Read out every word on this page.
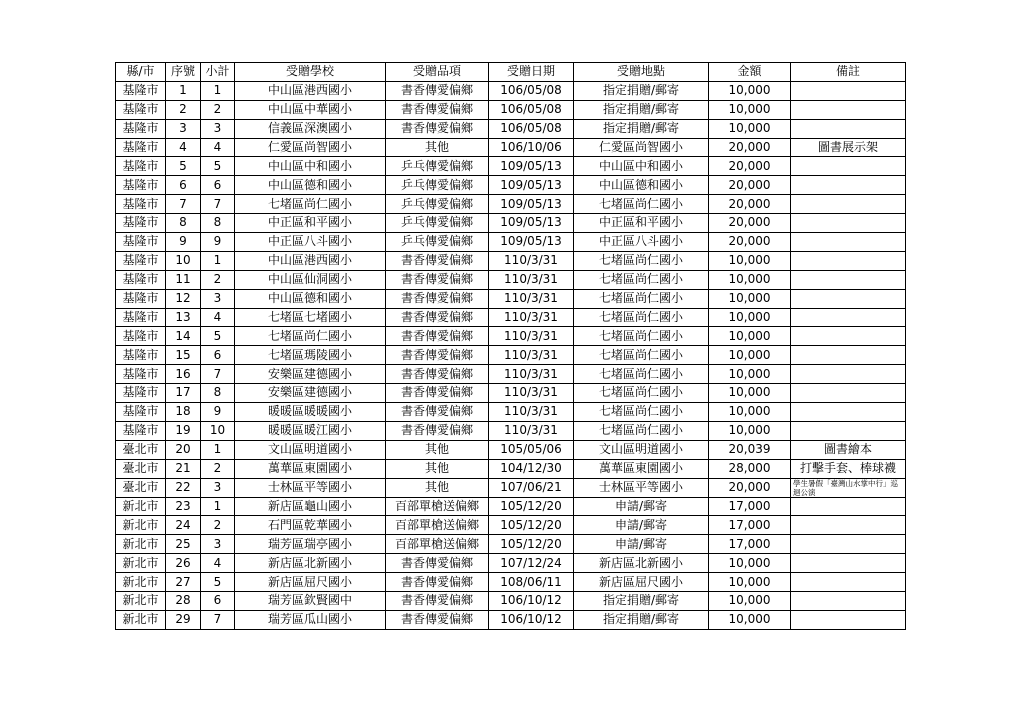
縣/市	序號	小計	受贈學校	受贈品項	受贈日期	受贈地點	金額	備註
基隆市	1	1	中山區港西國小	書香傳愛偏鄉	106/05/08	指定捐贈/郵寄	10,000	
基隆市	2	2	中山區中華國小	書香傳愛偏鄉	106/05/08	指定捐贈/郵寄	10,000	
基隆市	3	3	信義區深澳國小	書香傳愛偏鄉	106/05/08	指定捐贈/郵寄	10,000	
基隆市	4	4	仁愛區尚智國小	其他	106/10/06	仁愛區尚智國小	20,000	圖書展示架
基隆市	5	5	中山區中和國小	乒乓傳愛偏鄉	109/05/13	中山區中和國小	20,000	
基隆市	6	6	中山區德和國小	乒乓傳愛偏鄉	109/05/13	中山區德和國小	20,000	
基隆市	7	7	七堵區尚仁國小	乒乓傳愛偏鄉	109/05/13	七堵區尚仁國小	20,000	
基隆市	8	8	中正區和平國小	乒乓傳愛偏鄉	109/05/13	中正區和平國小	20,000	
基隆市	9	9	中正區八斗國小	乒乓傳愛偏鄉	109/05/13	中正區八斗國小	20,000	
基隆市	10	1	中山區港西國小	書香傳愛偏鄉	110/3/31	七堵區尚仁國小	10,000	
基隆市	11	2	中山區仙洞國小	書香傳愛偏鄉	110/3/31	七堵區尚仁國小	10,000	
基隆市	12	3	中山區德和國小	書香傳愛偏鄉	110/3/31	七堵區尚仁國小	10,000	
基隆市	13	4	七堵區七堵國小	書香傳愛偏鄉	110/3/31	七堵區尚仁國小	10,000	
基隆市	14	5	七堵區尚仁國小	書香傳愛偏鄉	110/3/31	七堵區尚仁國小	10,000	
基隆市	15	6	七堵區瑪陵國小	書香傳愛偏鄉	110/3/31	七堵區尚仁國小	10,000	
基隆市	16	7	安樂區建德國小	書香傳愛偏鄉	110/3/31	七堵區尚仁國小	10,000	
基隆市	17	8	安樂區建德國小	書香傳愛偏鄉	110/3/31	七堵區尚仁國小	10,000	
基隆市	18	9	暖暖區暖暖國小	書香傳愛偏鄉	110/3/31	七堵區尚仁國小	10,000	
基隆市	19	10	暖暖區暖江國小	書香傳愛偏鄉	110/3/31	七堵區尚仁國小	10,000	
臺北市	20	1	文山區明道國小	其他	105/05/06	文山區明道國小	20,039	圖書繪本
臺北市	21	2	萬華區東園國小	其他	104/12/30	萬華區東園國小	28,000	打擊手套、棒球襪
臺北市	22	3	士林區平等國小	其他	107/06/21	士林區平等國小	20,000	學生暑假「臺灣山水掌中行」巡迴公演
新北市	23	1	新店區龜山國小	百部單槍送偏鄉	105/12/20	申請/郵寄	17,000	
新北市	24	2	石門區乾華國小	百部單槍送偏鄉	105/12/20	申請/郵寄	17,000	
新北市	25	3	瑞芳區瑞亭國小	百部單槍送偏鄉	105/12/20	申請/郵寄	17,000	
新北市	26	4	新店區北新國小	書香傳愛偏鄉	107/12/24	新店區北新國小	10,000	
新北市	27	5	新店區屈尺國小	書香傳愛偏鄉	108/06/11	新店區屈尺國小	10,000	
新北市	28	6	瑞芳區欽賢國中	書香傳愛偏鄉	106/10/12	指定捐贈/郵寄	10,000	
新北市	29	7	瑞芳區瓜山國小	書香傳愛偏鄉	106/10/12	指定捐贈/郵寄	10,000	
